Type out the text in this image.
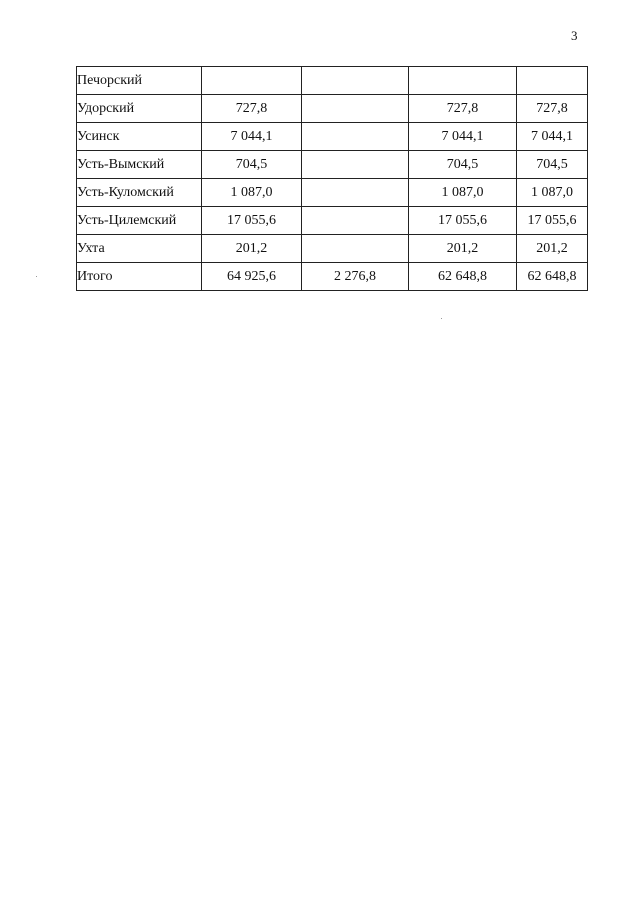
3
Печорский				
Удорский	727,8		727,8	727,8
Усинск	7 044,1		7 044,1	7 044,1
Усть-Вымский	704,5		704,5	704,5
Усть-Куломский	1 087,0		1 087,0	1 087,0
Усть-Цилемский	17 055,6		17 055,6	17 055,6
Ухта	201,2		201,2	201,2
Итого	64 925,6	2 276,8	62 648,8	62 648,8
